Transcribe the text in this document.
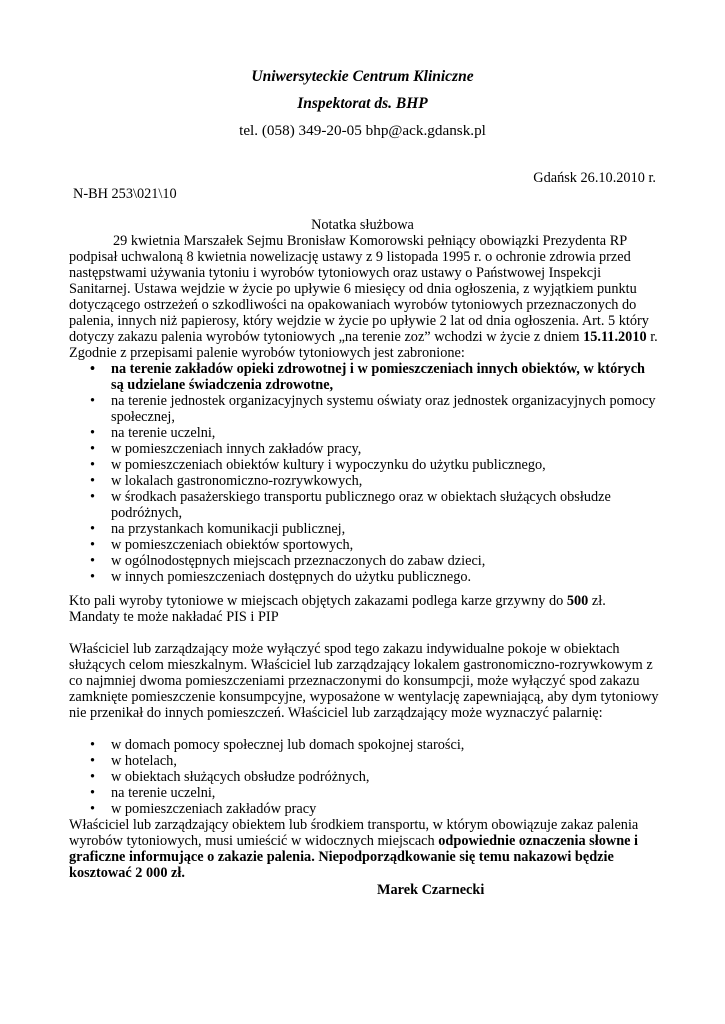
Uniwersyteckie Centrum Kliniczne
Inspektorat ds. BHP
tel. (058) 349-20-05 bhp@ack.gdansk.pl
Gdańsk 26.10.2010 r.
N-BH 253\021\10
Notatka służbowa

29 kwietnia Marszałek Sejmu Bronisław Komorowski pełniący obowiązki Prezydenta RP podpisał uchwaloną 8 kwietnia nowelizację ustawy z 9 listopada 1995 r. o ochronie zdrowia przed następstwami używania tytoniu i wyrobów tytoniowych oraz ustawy o Państwowej Inspekcji Sanitarnej. Ustawa wejdzie w życie po upływie 6 miesięcy od dnia ogłoszenia, z wyjątkiem punktu dotyczącego ostrzeżeń o szkodliwości na opakowaniach wyrobów tytoniowych przeznaczonych do palenia, innych niż papierosy, który wejdzie w życie po upływie 2 lat od dnia ogłoszenia. Art. 5 który dotyczy zakazu palenia wyrobów tytoniowych „na terenie zoz” wchodzi w życie z dniem 15.11.2010 r. Zgodnie z przepisami palenie wyrobów tytoniowych jest zabronione:

• na terenie zakładów opieki zdrowotnej i w pomieszczeniach innych obiektów, w których są udzielane świadczenia zdrowotne,
• na terenie jednostek organizacyjnych systemu oświaty oraz jednostek organizacyjnych pomocy społecznej,
• na terenie uczelni,
• w pomieszczeniach innych zakładów pracy,
• w pomieszczeniach obiektów kultury i wypoczynku do użytku publicznego,
• w lokalach gastronomiczno-rozrywkowych,
• w środkach pasażerskiego transportu publicznego oraz w obiektach służących obsłudze podróżnych,
• na przystankach komunikacji publicznej,
• w pomieszczeniach obiektów sportowych,
• w ogólnodostępnych miejscach przeznaczonych do zabaw dzieci,
• w innych pomieszczeniach dostępnych do użytku publicznego.

Kto pali wyroby tytoniowe w miejscach objętych zakazami podlega karze grzywny do 500 zł.

Mandaty te może nakładać PIS i PIP

Właściciel lub zarządzający może wyłączyć spod tego zakazu indywidualne pokoje w obiektach służących celom mieszkalnym. Właściciel lub zarządzający lokalem gastronomiczno-rozrywkowym z co najmniej dwoma pomieszczeniami przeznaczonymi do konsumpcji, może wyłączyć spod zakazu zamknięte pomieszczenie konsumpcyjne, wyposażone w wentylację zapewniającą, aby dym tytoniowy nie przenikał do innych pomieszczeń. Właściciel lub zarządzający może wyznaczyć palarnię:

• w domach pomocy społecznej lub domach spokojnej starości,
• w hotelach,
• w obiektach służących obsłudze podróżnych,
• na terenie uczelni,
• w pomieszczeniach zakładów pracy

Właściciel lub zarządzający obiektem lub środkiem transportu, w którym obowiązuje zakaz palenia wyrobów tytoniowych, musi umieścić w widocznych miejscach odpowiednie oznaczenia słowne i graficzne informujące o zakazie palenia. Niepodporządkowanie się temu nakazowi będzie kosztować 2 000 zł.

Marek Czarnecki
